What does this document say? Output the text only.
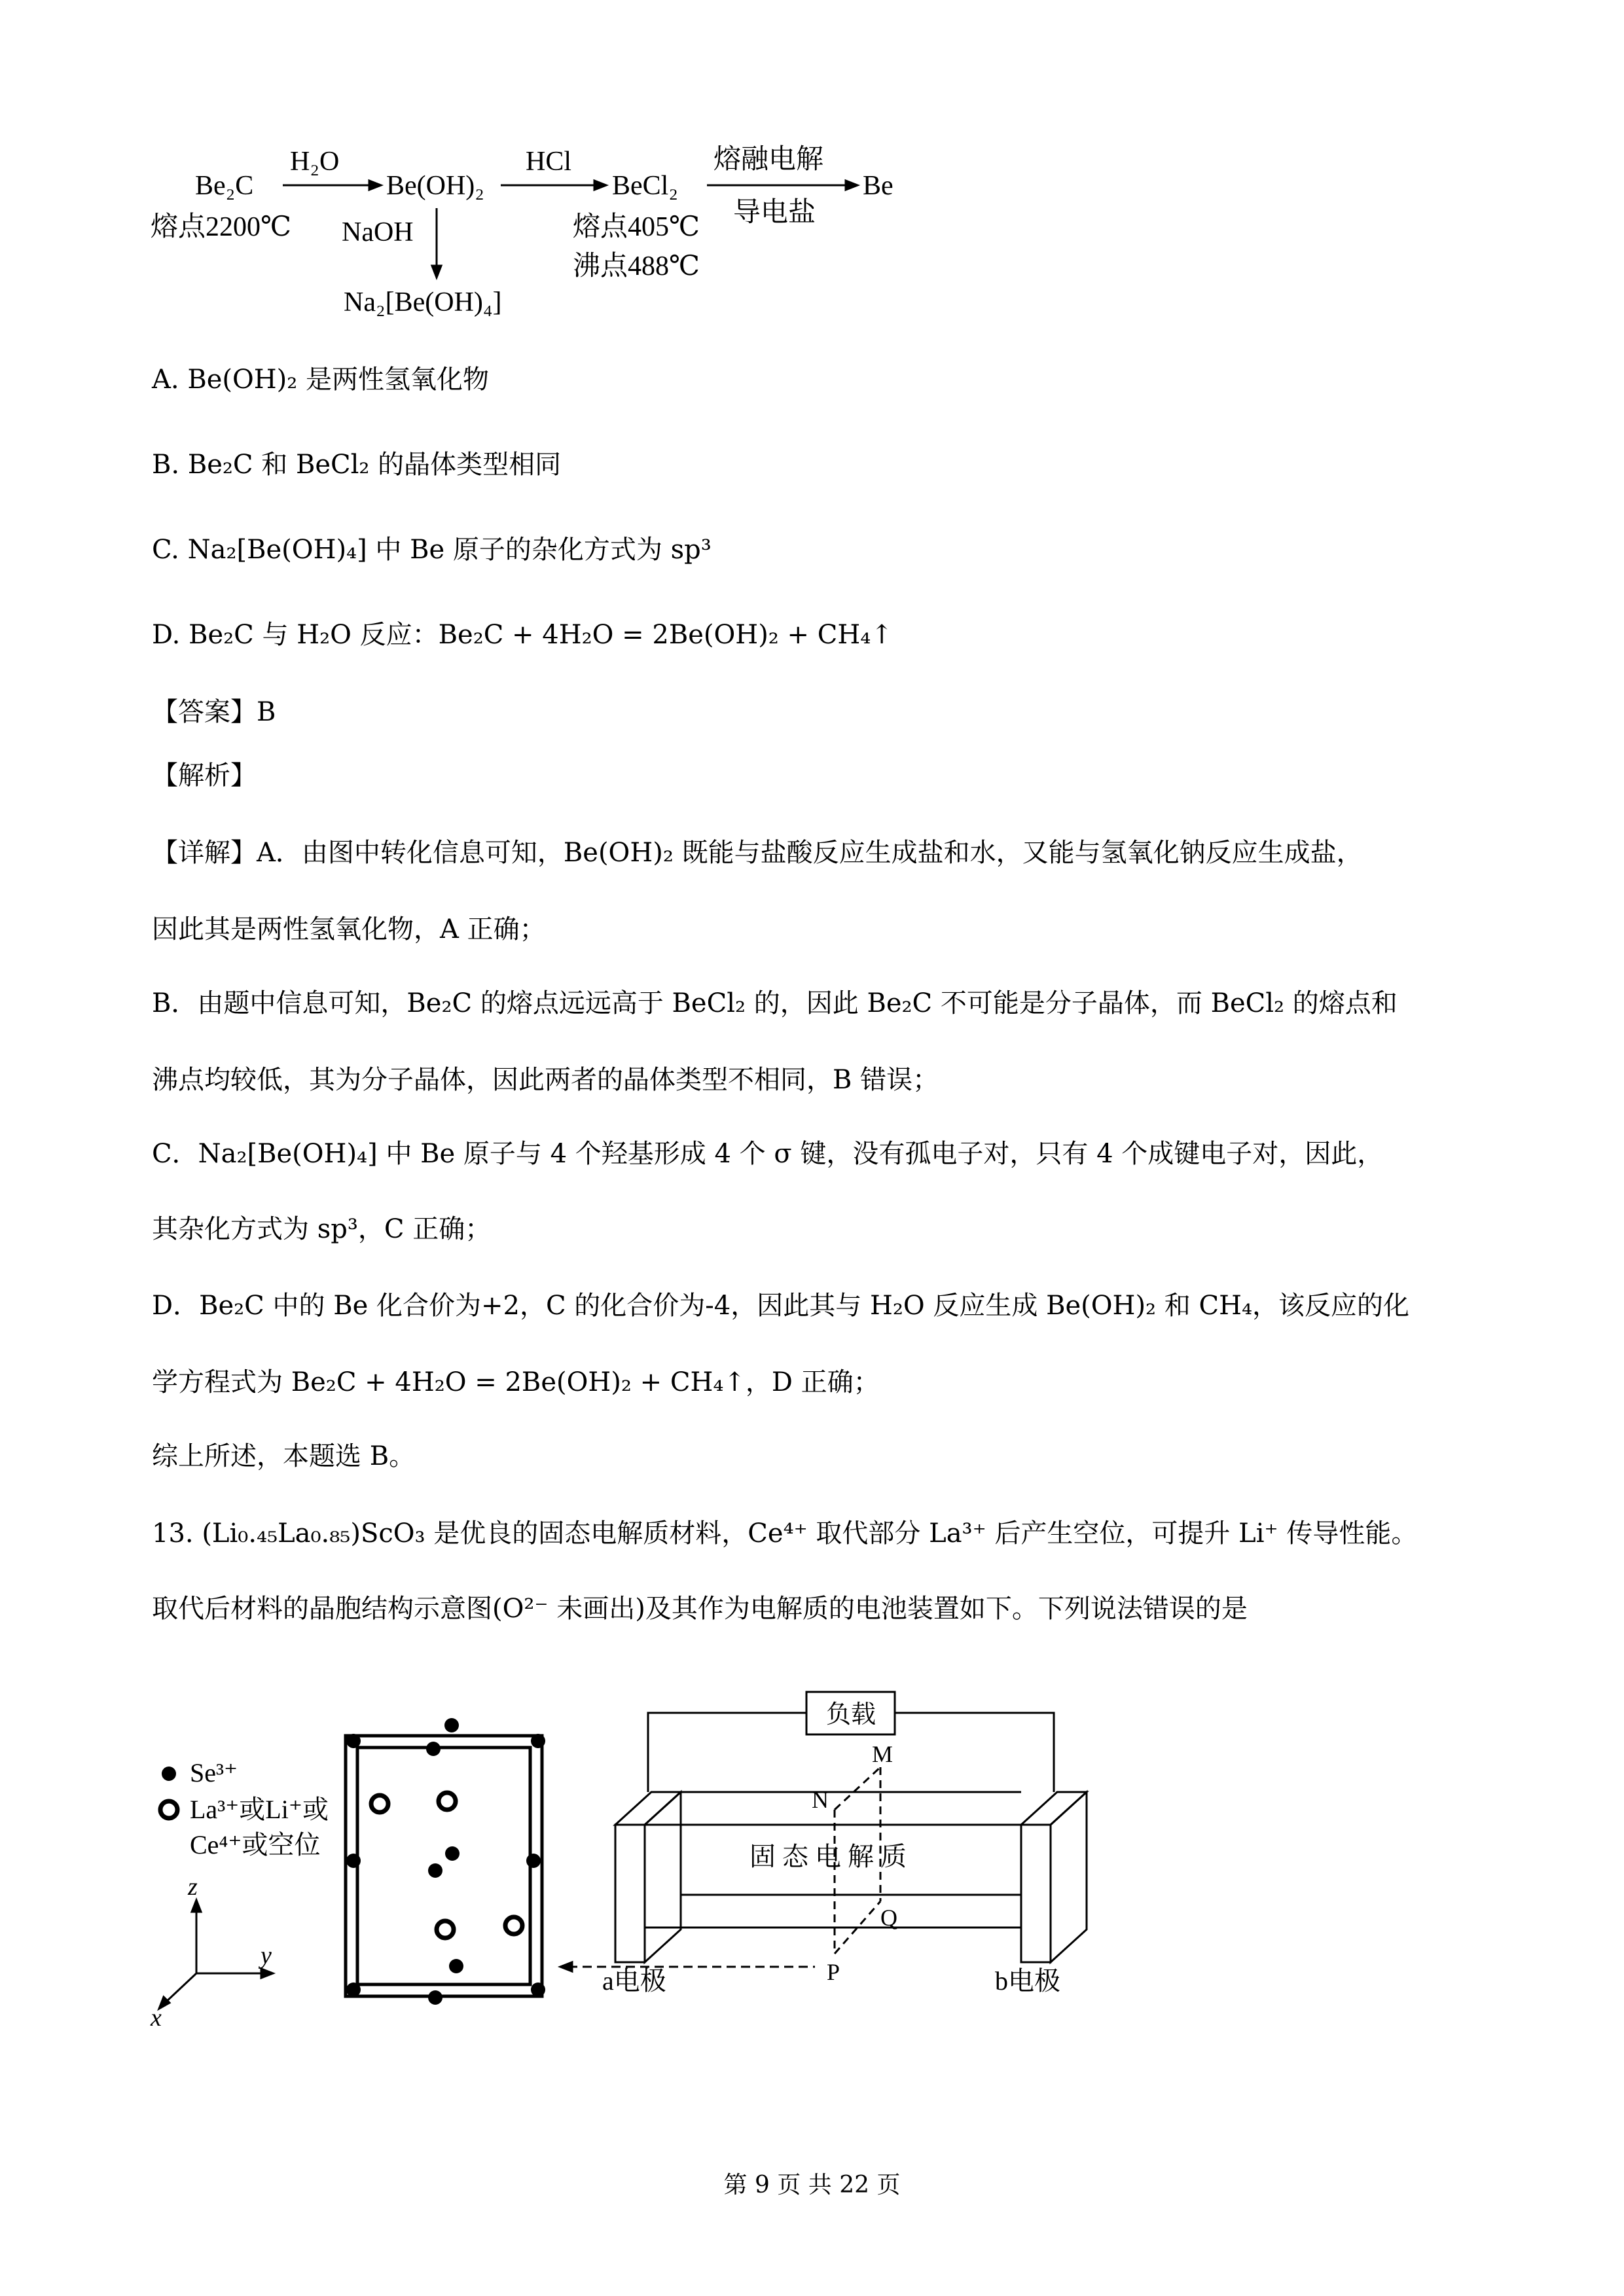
Be₂C
H₂O
Be(OH)₂
HCl
BeCl₂
熔融电解
导电盐
Be
熔点2200℃ NaOH
Na₂[Be(OH)₄]
熔点405℃
沸点488℃
A. Be(OH)₂ 是两性氢氧化物
B. Be₂C 和 BeCl₂ 的晶体类型相同
C. Na₂[Be(OH)₄] 中 Be 原子的杂化方式为 sp³
D. Be₂C 与 H₂O 反应：Be₂C + 4H₂O = 2Be(OH)₂ + CH₄↑
【答案】B
【解析】
【详解】A．由图中转化信息可知，Be(OH)₂ 既能与盐酸反应生成盐和水，又能与氢氧化钠反应生成盐，
因此其是两性氢氧化物，A 正确；
B．由题中信息可知，Be₂C 的熔点远远高于 BeCl₂ 的，因此 Be₂C 不可能是分子晶体，而 BeCl₂ 的熔点和
沸点均较低，其为分子晶体，因此两者的晶体类型不相同，B 错误；
C．Na₂[Be(OH)₄] 中 Be 原子与 4 个羟基形成 4 个 σ 键，没有孤电子对，只有 4 个成键电子对，因此，
其杂化方式为 sp³，C 正确；
D．Be₂C 中的 Be 化合价为+2，C 的化合价为-4，因此其与 H₂O 反应生成 Be(OH)₂ 和 CH₄，该反应的化
学方程式为 Be₂C + 4H₂O = 2Be(OH)₂ + CH₄↑，D 正确；
综上所述，本题选 B。
13. (Li₀.₄₅La₀.₈₅)ScO₃ 是优良的固态电解质材料，Ce⁴⁺ 取代部分 La³⁺ 后产生空位，可提升 Li⁺ 传导性能。
取代后材料的晶胞结构示意图(O²⁻ 未画出)及其作为电解质的电池装置如下。下列说法错误的是
Se³⁺
La³⁺或Li⁺或
Ce⁴⁺或空位
z
y
x
负载
M
N
Q
P
固 态 电 解 质
a电极	b电极
第 9 页 共 22 页
